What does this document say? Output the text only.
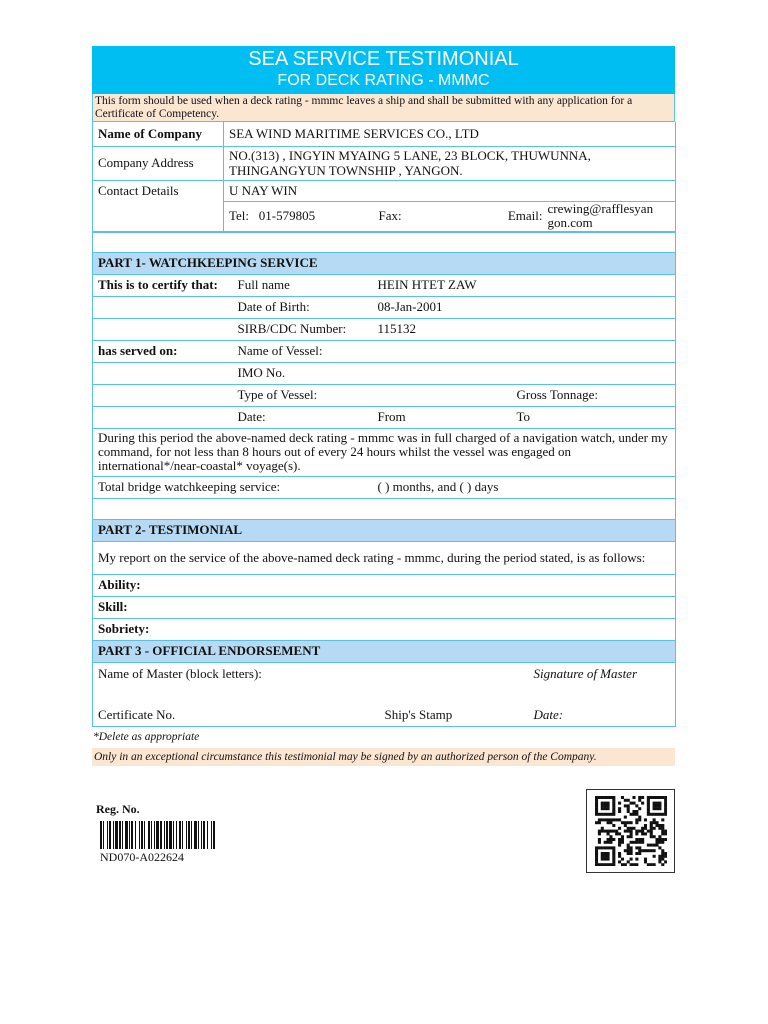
SEA SERVICE TESTIMONIAL
FOR DECK RATING - MMMC
This form should be used when a deck rating - mmmc leaves a ship and shall be submitted with any application for a Certificate of Competency.
Name of Company	SEA WIND MARITIME SERVICES CO., LTD			
Company Address	NO.(313) , INGYIN MYAING 5 LANE, 23 BLOCK, THUWUNNA,
THINGANGYUN TOWNSHIP , YANGON.			

Contact Details	U NAY WIN			
	Tel: 01-579805	Fax:	Email:	crewing@rafflesyan
gon.com

PART 1- WATCHKEEPING SERVICE			
This is to certify that:	Full name	HEIN HTET ZAW	
	Date of Birth:	08-Jan-2001	
	SIRB/CDC Number:	115132	
has served on:	Name of Vessel:		
	IMO No.		
	Type of Vessel:		Gross Tonnage:
	Date:	From	To
During this period the above-named deck rating - mmmc was in full charged of a navigation watch, under my command, for not less than 8 hours out of every 24 hours whilst the vessel was engaged on international*/near-coastal* voyage(s).			
Total bridge watchkeeping service:		( ) months, and ( ) days	

PART 2- TESTIMONIAL			
My report on the service of the above-named deck rating - mmmc, during the period stated, is as follows:			
Ability:			
Skill:			
Sobriety:			
PART 3 - OFFICIAL ENDORSEMENT			
Name of Master (block letters):			Signature of Master
Certificate No.		Ship's Stamp	Date:
*Delete as appropriate
Only in an exceptional circumstance this testimonial may be signed by an authorized person of the Company.
Reg. No.
ND070-A022624
